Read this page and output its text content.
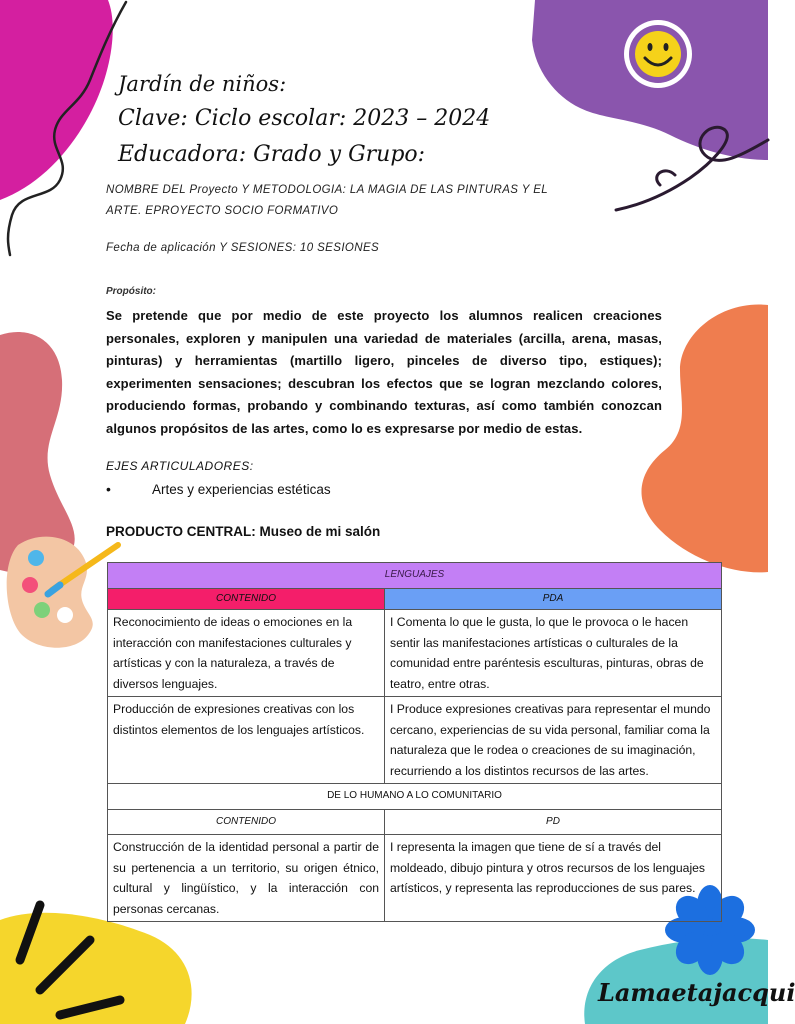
Jardín de niños:
Clave: Ciclo escolar: 2023 – 2024
Educadora: Grado y Grupo:
NOMBRE DEL Proyecto Y METODOLOGIA: LA MAGIA DE LAS PINTURAS Y EL ARTE. EPROYECTO SOCIO FORMATIVO
Fecha de aplicación Y SESIONES: 10 SESIONES
Propósito:
Se pretende que por medio de este proyecto los alumnos realicen creaciones personales, exploren y manipulen una variedad de materiales (arcilla, arena, masas, pinturas) y herramientas (martillo ligero, pinceles de diverso tipo, estiques); experimenten sensaciones; descubran los efectos que se logran mezclando colores, produciendo formas, probando y combinando texturas, así como también conozcan algunos propósitos de las artes, como lo es expresarse por medio de estas.
EJES ARTICULADORES:
•	Artes y experiencias estéticas
PRODUCTO CENTRAL: Museo de mi salón
LENGUAJES	
CONTENIDO	PDA
Reconocimiento de ideas o emociones en la interacción con manifestaciones culturales y artísticas y con la naturaleza, a través de diversos lenguajes.	I Comenta lo que le gusta, lo que le provoca o le hacen sentir las manifestaciones artísticas o culturales de la comunidad entre paréntesis esculturas, pinturas, obras de teatro, entre otras.
Producción de expresiones creativas con los distintos elementos de los lenguajes artísticos.	I Produce expresiones creativas para representar el mundo cercano, experiencias de su vida personal, familiar coma la naturaleza que le rodea o creaciones de su imaginación, recurriendo a los distintos recursos de las artes.
DE LO HUMANO A LO COMUNITARIO	
CONTENIDO	PD
Construcción de la identidad personal a partir de su pertenencia a un territorio, su origen étnico, cultural y lingüístico, y la interacción con personas cercanas.	I representa la imagen que tiene de sí a través del moldeado, dibujo pintura y otros recursos de los lenguajes artísticos, y representa las reproducciones de sus pares.
Lamaetajacqui
